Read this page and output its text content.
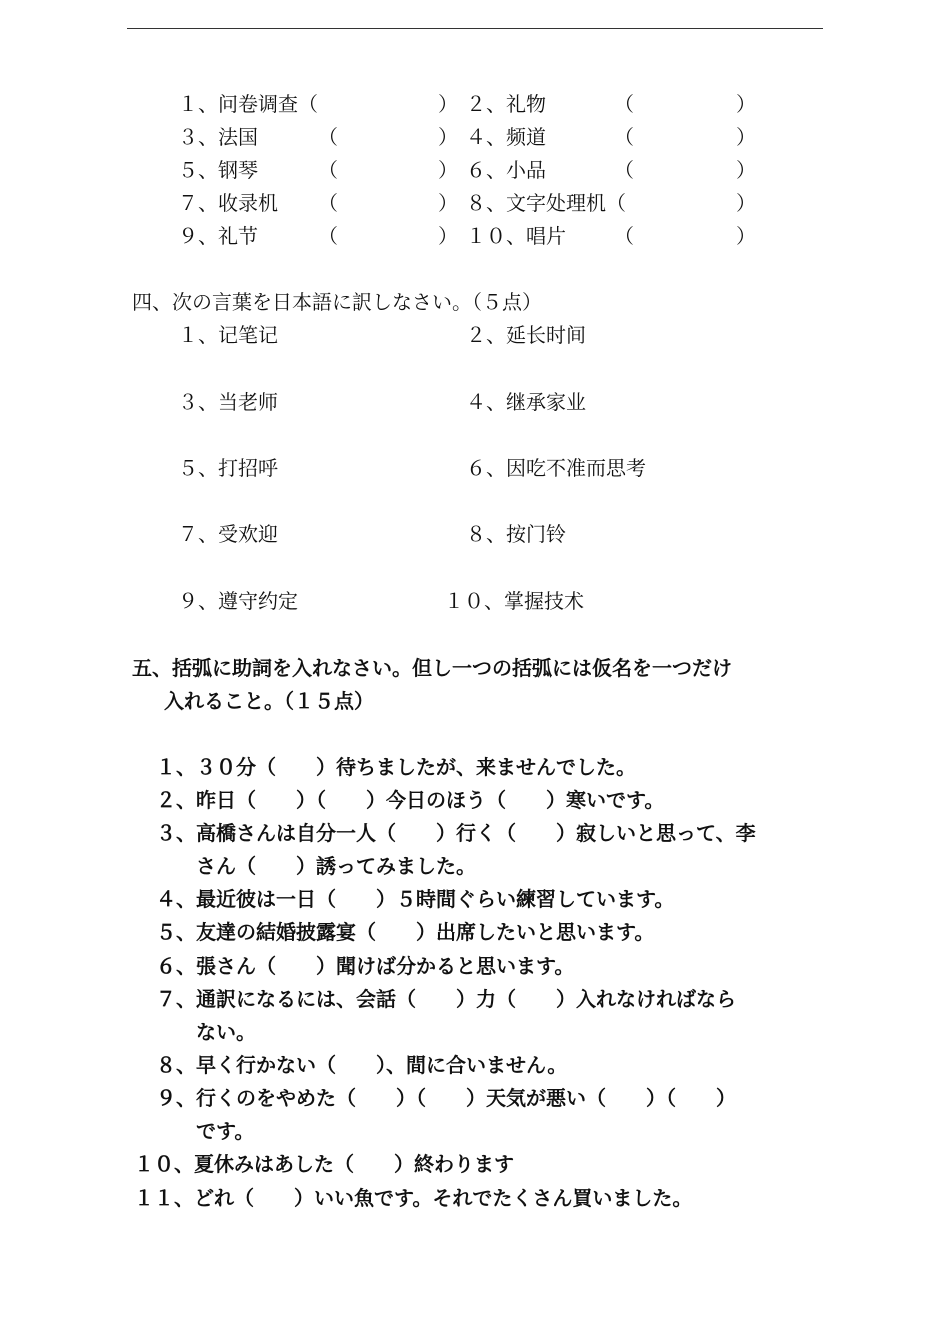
１、问卷调查（	） ２、礼物	（	）
３、法国	（	） ４、频道	（	）
５、钢琴	（	） ６、小品	（	）
７、收录机 （	） ８、文字处理机（	）
９、礼节	（	） １０、唱片 （	）
四、次の言葉を日本語に訳しなさい。（５点）
１、记笔记	２、延长时间
３、当老师	４、继承家业
５、打招呼	６、因吃不准而思考
７、受欢迎	８、按门铃
９、遵守约定	１０、掌握技术
五、括弧に助詞を入れなさい。但し一つの括弧には仮名を一つだけ
入れること。（１５点）
１、３０分（　　）待ちましたが、来ませんでした。
２、昨日（　　）（　　）今日のほう（　　）寒いです。
３、高橋さんは自分一人（　　）行く（　　）寂しいと思って、李
さん（　　）誘ってみました。
４、最近彼は一日（　　）５時間ぐらい練習しています。
５、友達の結婚披露宴（　　）出席したいと思います。
６、張さん（　　）聞けば分かると思います。
７、通訳になるには、会話（　　）力（　　）入れなければなら
ない。
８、早く行かない（　　）、間に合いません。
９、行くのをやめた（　　）（　　）天気が悪い（　　）（　　）
です。
１０、夏休みはあした（　　）終わります
１１、どれ（　　）いい魚です。それでたくさん買いました。
